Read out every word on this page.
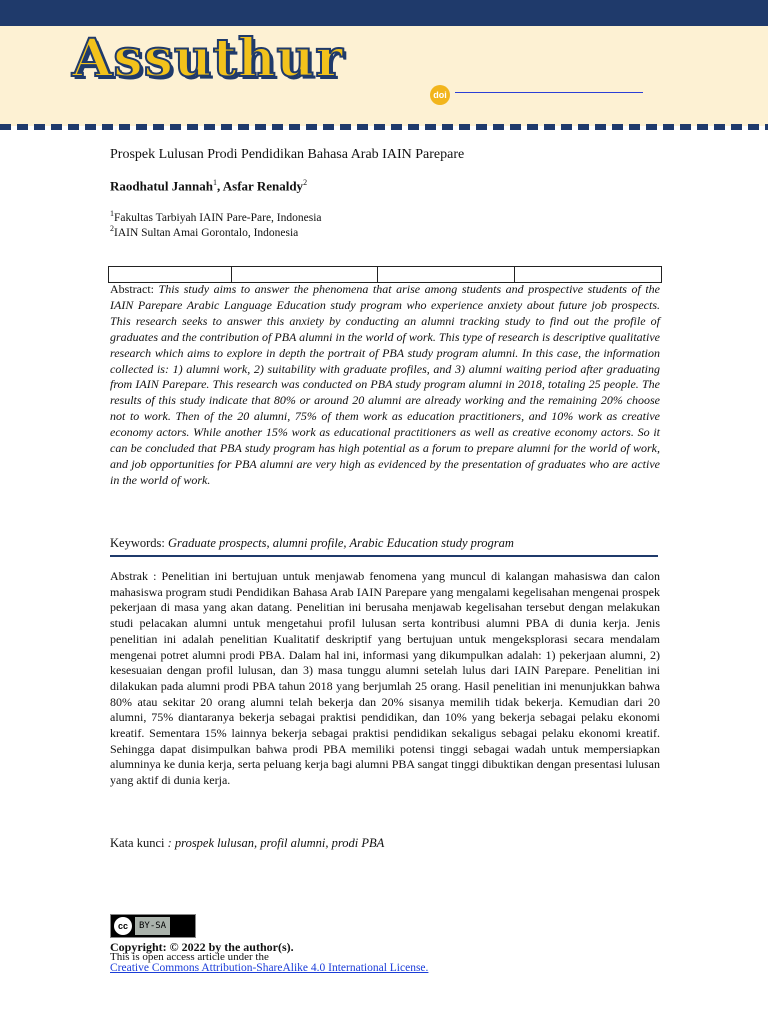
Assuthur
doi
Prospek Lulusan Prodi Pendidikan Bahasa Arab IAIN Parepare
Raodhatul Jannah$^1$, Asfar Renaldy$^2$
$^1$Fakultas Tarbiyah IAIN Pare-Pare, Indonesia
$^2$IAIN Sultan Amai Gorontalo, Indonesia
Abstract: This study aims to answer the phenomena that arise among students and prospective students of the IAIN Parepare Arabic Language Education study program who experience anxiety about future job prospects. This research seeks to answer this anxiety by conducting an alumni tracking study to find out the profile of graduates and the contribution of PBA alumni in the world of work. This type of research is descriptive qualitative research which aims to explore in depth the portrait of PBA study program alumni. In this case, the information collected is: 1) alumni work, 2) suitability with graduate profiles, and 3) alumni waiting period after graduating from IAIN Parepare. This research was conducted on PBA study program alumni in 2018, totaling 25 people. The results of this study indicate that 80% or around 20 alumni are already working and the remaining 20% choose not to work. Then of the 20 alumni, 75% of them work as education practitioners, and 10% work as creative economy actors. While another 15% work as educational practitioners as well as creative economy actors. So it can be concluded that PBA study program has high potential as a forum to prepare alumni for the world of work, and job opportunities for PBA alumni are very high as evidenced by the presentation of graduates who are active in the world of work.
Keywords: Graduate prospects, alumni profile, Arabic Education study program
Abstrak : Penelitian ini bertujuan untuk menjawab fenomena yang muncul di kalangan mahasiswa dan calon mahasiswa program studi Pendidikan Bahasa Arab IAIN Parepare yang mengalami kegelisahan mengenai prospek pekerjaan di masa yang akan datang. Penelitian ini berusaha menjawab kegelisahan tersebut dengan melakukan studi pelacakan alumni untuk mengetahui profil lulusan serta kontribusi alumni PBA di dunia kerja. Jenis penelitian ini adalah penelitian Kualitatif deskriptif yang bertujuan untuk mengeksplorasi secara mendalam mengenai potret alumni prodi PBA. Dalam hal ini, informasi yang dikumpulkan adalah: 1) pekerjaan alumni, 2) kesesuaian dengan profil lulusan, dan 3) masa tunggu alumni setelah lulus dari IAIN Parepare. Penelitian ini dilakukan pada alumni prodi PBA tahun 2018 yang berjumlah 25 orang. Hasil penelitian ini menunjukkan bahwa 80% atau sekitar 20 orang alumni telah bekerja dan 20% sisanya memilih tidak bekerja. Kemudian dari 20 alumni, 75% diantaranya bekerja sebagai praktisi pendidikan, dan 10% yang bekerja sebagai pelaku ekonomi kreatif. Sementara 15% lainnya bekerja sebagai praktisi pendidikan sekaligus sebagai pelaku ekonomi kreatif. Sehingga dapat disimpulkan bahwa prodi PBA memiliki potensi tinggi sebagai wadah untuk mempersiapkan alumninya ke dunia kerja, serta peluang kerja bagi alumni PBA sangat tinggi dibuktikan dengan presentasi lulusan yang aktif di dunia kerja.
Kata kunci : prospek lulusan, profil alumni, prodi PBA
cc	BY-SA
Copyright: © 2022 by the author(s).
This is open access article under the
Creative Commons Attribution-ShareAlike 4.0 International License.
